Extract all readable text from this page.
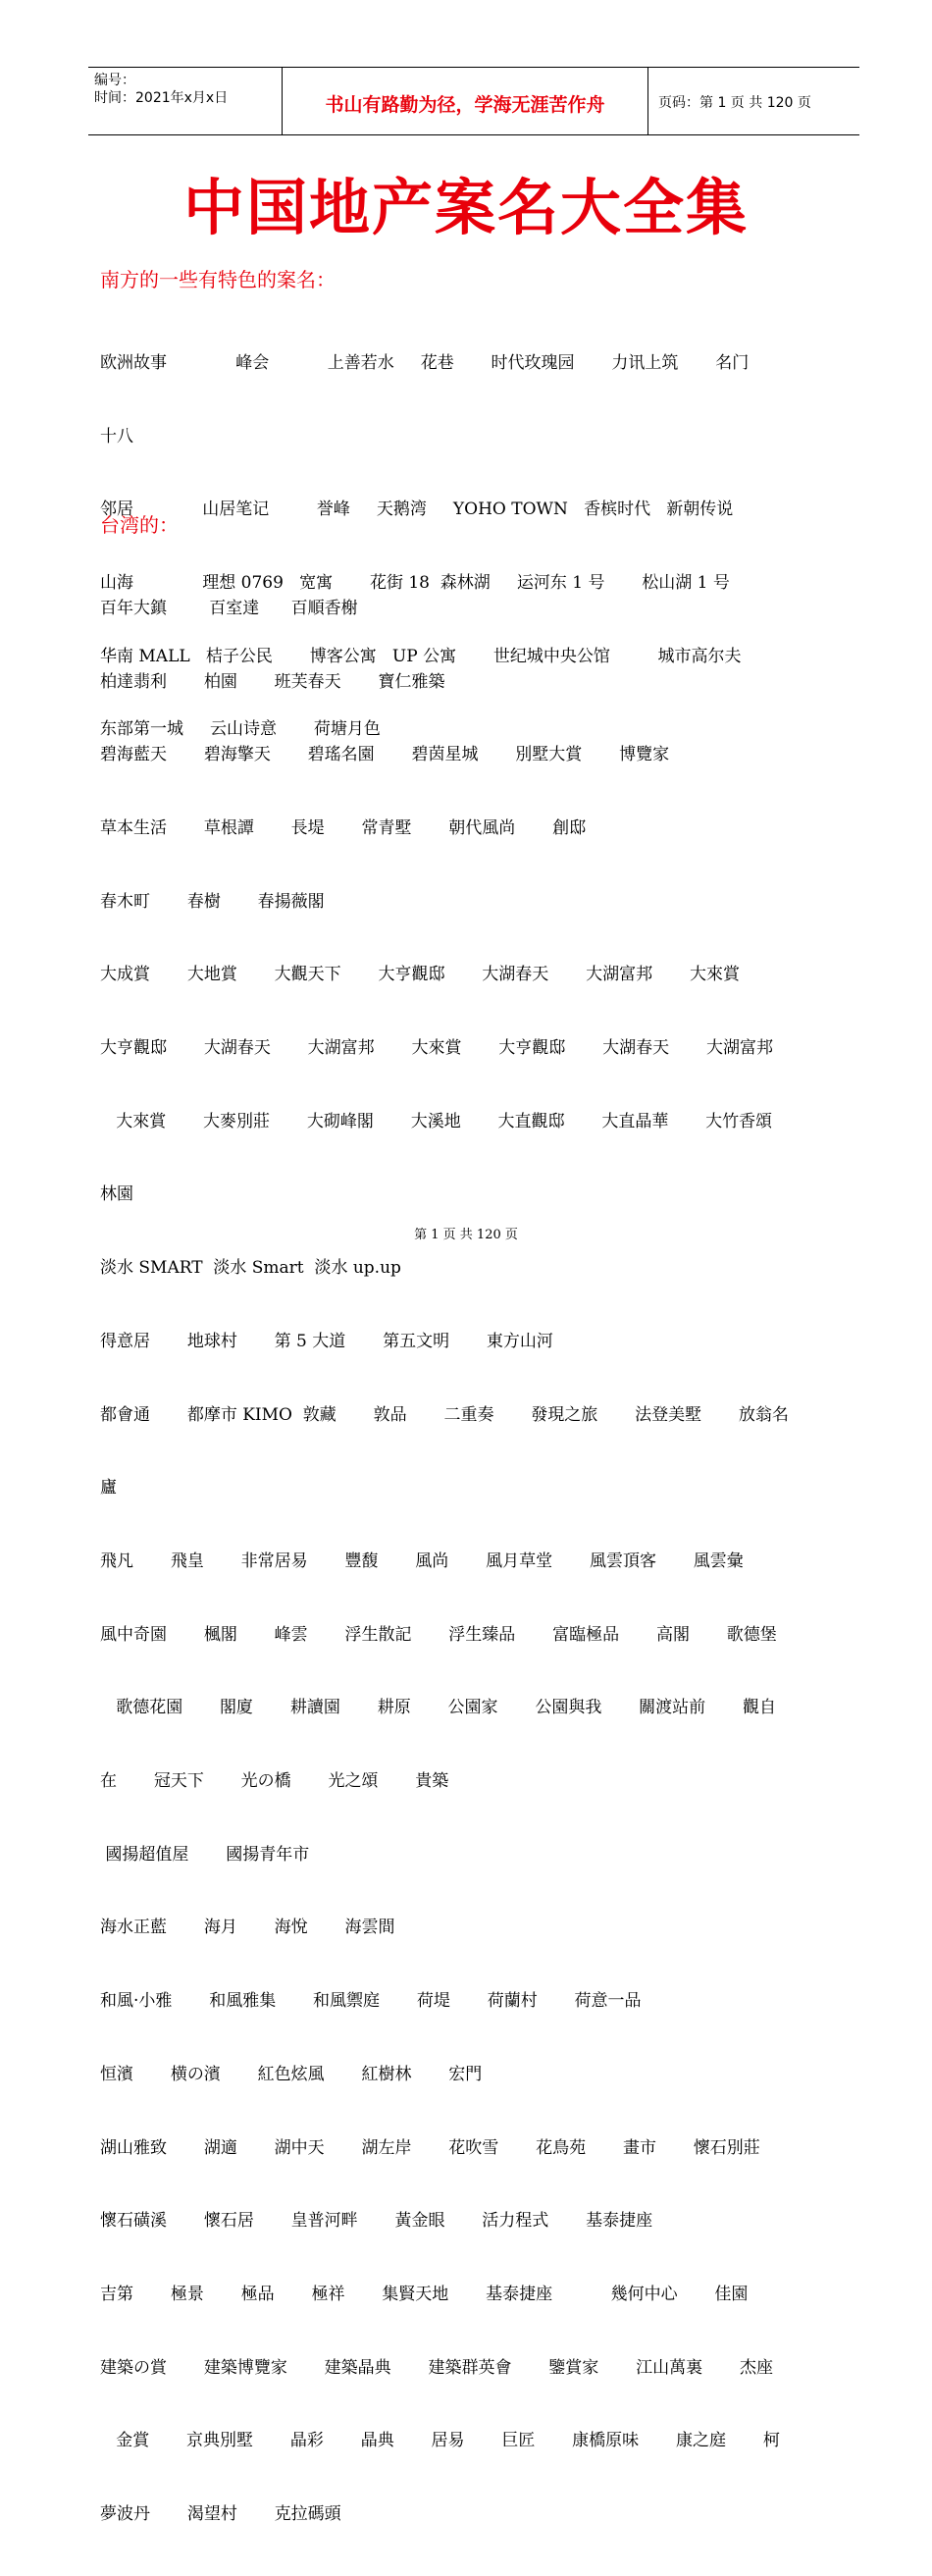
编号：
时间：2021年x月x日	书山有路勤为径，学海无涯苦作舟	页码：第 1 页 共 120 页
中国地产案名大全集

南方的一些有特色的案名：

欧洲故事             峰会           上善若水     花巷       时代玫瑰园       力讯上筑       名门

十八

邻居             山居笔记         誉峰     天鹅湾     YOHO TOWN   香槟时代   新朝传说

山海             理想 0769   宽寓       花街 18  森林湖     运河东 1 号       松山湖 1 号

华南 MALL   桔子公民       博客公寓   UP 公寓       世纪城中央公馆         城市高尔夫

东部第一城     云山诗意       荷塘月色

台湾的：

百年大鎮        百室達      百順香榭

柏達翡利       柏園       班芙春天       寶仁雅築

碧海藍天       碧海擎天       碧瑤名園       碧茵星城       別墅大賞       博覽家

草本生活       草根譚       長堤       常青墅       朝代風尚       創邸

春木町       春樹       春揚薇閣

大成賞       大地賞       大觀天下       大亨觀邸       大湖春天       大湖富邦       大來賞

大亨觀邸       大湖春天       大湖富邦       大來賞       大亨觀邸       大湖春天       大湖富邦

大來賞       大麥別莊       大砌峰閣       大溪地       大直觀邸       大直晶華       大竹香頌

林園

淡水 SMART  淡水 Smart  淡水 up.up

得意居       地球村       第 5 大道       第五文明       東方山河

都會通       都摩市 KIMO  敦藏       敦品       二重奏       發現之旅       法登美墅       放翁名

廬

飛凡       飛皇       非常居易       豐馥       風尚       風月草堂       風雲頂客       風雲彙

風中奇園       楓閣       峰雲       浮生散記       浮生臻品       富臨極品       高閣       歌德堡

歌德花園       閣廈       耕讀園       耕原       公園家       公園與我       關渡站前       觀自

在       冠天下       光の橋       光之頌       貴築

國揚超值屋       國揚青年市

海水正藍       海月       海悅       海雲間

和風·小雅       和風雅集       和風禦庭       荷堤       荷蘭村       荷意一品

恒濱       横の濱       紅色炫風       紅樹林       宏門

湖山雅致       湖適       湖中天       湖左岸       花吹雪       花鳥苑       畫市       懷石別莊

懷石磺溪       懷石居       皇普河畔       黃金眼       活力程式       基泰捷座

吉第       極景       極品       極祥       集賢天地       基泰捷座           幾何中心       佳園

建築の賞       建築博覽家       建築晶典       建築群英會       鑒賞家       江山萬裏       杰座

金賞       京典別墅       晶彩       晶典       居易       巨匠       康橋原味       康之庭       柯

夢波丹       渴望村       克拉碼頭

第 1 页 共 120 页
